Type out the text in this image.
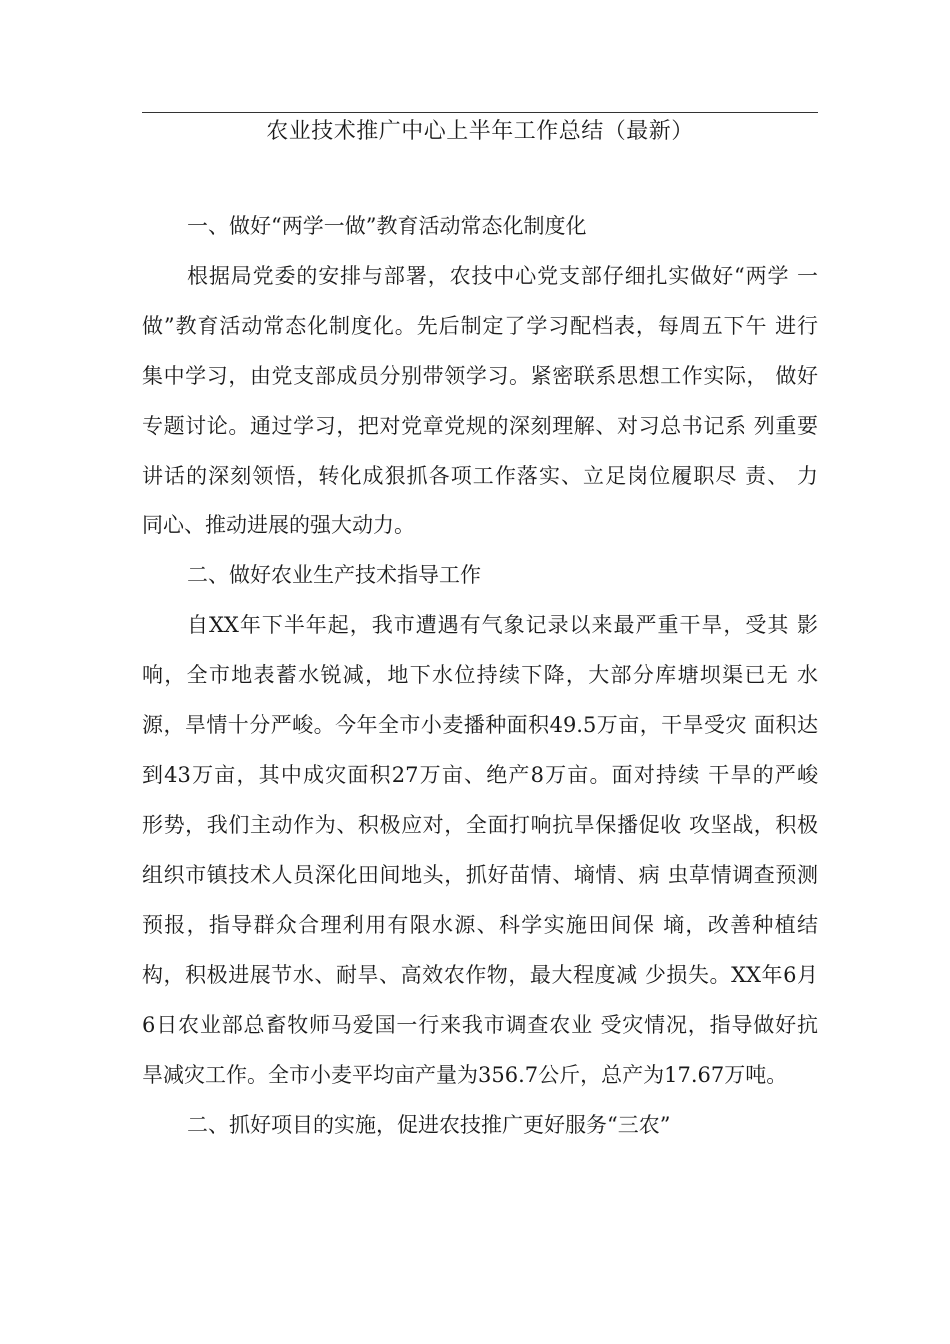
农业技术推广中心上半年工作总结（最新）

一、做好“两学一做”教育活动常态化制度化

根据局党委的安排与部署，农技中心党支部仔细扎实做好“两学 一

做”教育活动常态化制度化。先后制定了学习配档表，每周五下午 进行

集中学习，由党支部成员分别带领学习。紧密联系思想工作实际， 做好

专题讨论。通过学习，把对党章党规的深刻理解、对习总书记系 列重要

讲话的深刻领悟，转化成狠抓各项工作落实、立足岗位履职尽 责、 力

同心、推动进展的强大动力。

二、做好农业生产技术指导工作

自XX年下半年起，我市遭遇有气象记录以来最严重干旱，受其 影

响，全市地表蓄水锐减，地下水位持续下降，大部分库塘坝渠已无 水

源，旱情十分严峻。今年全市小麦播种面积49.5万亩，干旱受灾 面积达

到43万亩，其中成灾面积27万亩、绝产8万亩。面对持续 干旱的严峻

形势，我们主动作为、积极应对，全面打响抗旱保播促收 攻坚战，积极

组织市镇技术人员深化田间地头，抓好苗情、墒情、病 虫草情调查预测

预报，指导群众合理利用有限水源、科学实施田间保 墒，改善种植结

构，积极进展节水、耐旱、高效农作物，最大程度减 少损失。XX年6月

6日农业部总畜牧师马爱国一行来我市调查农业 受灾情况，指导做好抗

旱减灾工作。全市小麦平均亩产量为356.7公斤，总产为17.67万吨。

二、抓好项目的实施，促进农技推广更好服务“三农”
